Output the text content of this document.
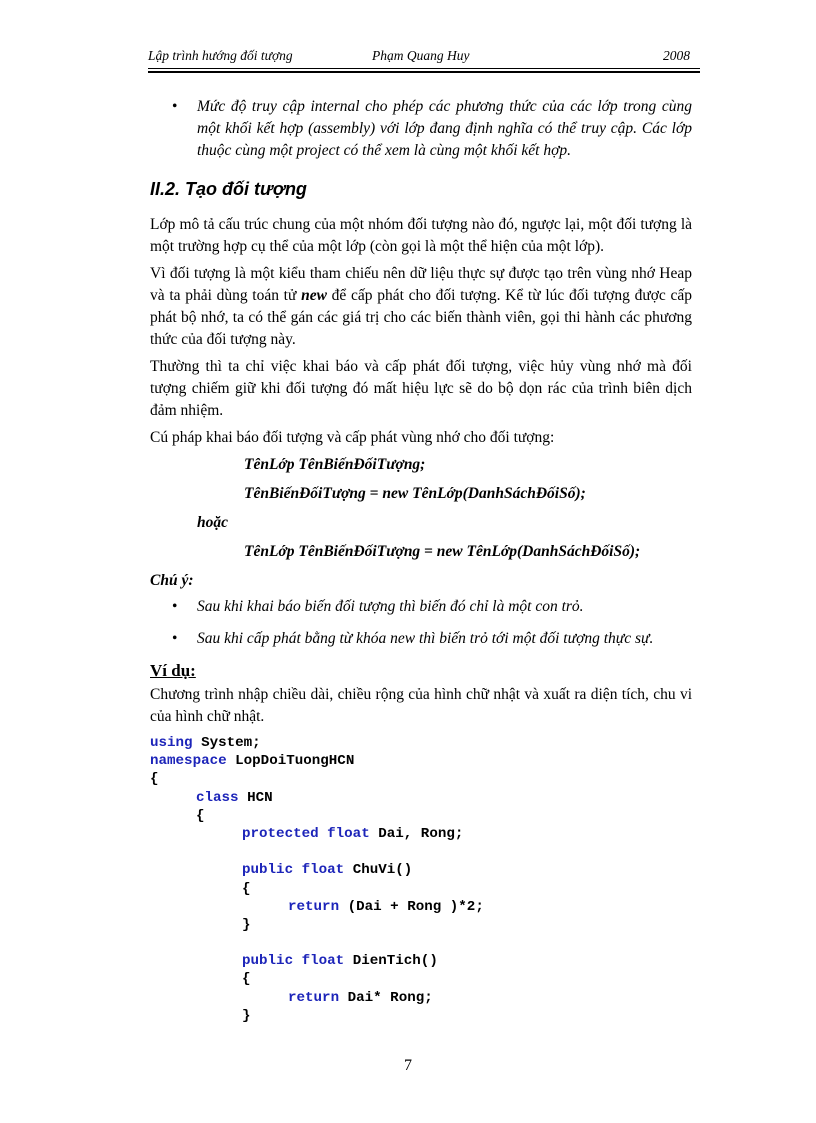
Lập trình hướng đối tượng	Phạm Quang Huy	2008

• Mức độ truy cập internal cho phép các phương thức của các lớp trong cùng một khối kết hợp (assembly) với lớp đang định nghĩa có thể truy cập. Các lớp thuộc cùng một project có thể xem là cùng một khối kết hợp.

II.2. Tạo đối tượng

Lớp mô tả cấu trúc chung của một nhóm đối tượng nào đó, ngược lại, một đối tượng là một trường hợp cụ thể của một lớp (còn gọi là một thể hiện của một lớp).

Vì đối tượng là một kiểu tham chiếu nên dữ liệu thực sự được tạo trên vùng nhớ Heap và ta phải dùng toán tử new để cấp phát cho đối tượng. Kể từ lúc đối tượng được cấp phát bộ nhớ, ta có thể gán các giá trị cho các biến thành viên, gọi thi hành các phương thức của đối tượng này.

Thường thì ta chỉ việc khai báo và cấp phát đối tượng, việc hủy vùng nhớ mà đối tượng chiếm giữ khi đối tượng đó mất hiệu lực sẽ do bộ dọn rác của trình biên dịch đảm nhiệm.

Cú pháp khai báo đối tượng và cấp phát vùng nhớ cho đối tượng:

TênLớp TênBiếnĐốiTượng;
TênBiếnĐốiTượng = new TênLớp(DanhSáchĐốiSố);
hoặc
TênLớp TênBiếnĐốiTượng = new TênLớp(DanhSáchĐốiSố);
Chú ý:

• Sau khi khai báo biến đối tượng thì biến đó chỉ là một con trỏ.

• Sau khi cấp phát bằng từ khóa new thì biến trỏ tới một đối tượng thực sự.

Ví dụ:

Chương trình nhập chiều dài, chiều rộng của hình chữ nhật và xuất ra diện tích, chu vi của hình chữ nhật.

using System;
namespace LopDoiTuongHCN
{
class HCN
{
protected float Dai, Rong;

public float ChuVi()
{
return (Dai + Rong )*2;
}

public float DienTich()
{
return Dai* Rong;
}
7
